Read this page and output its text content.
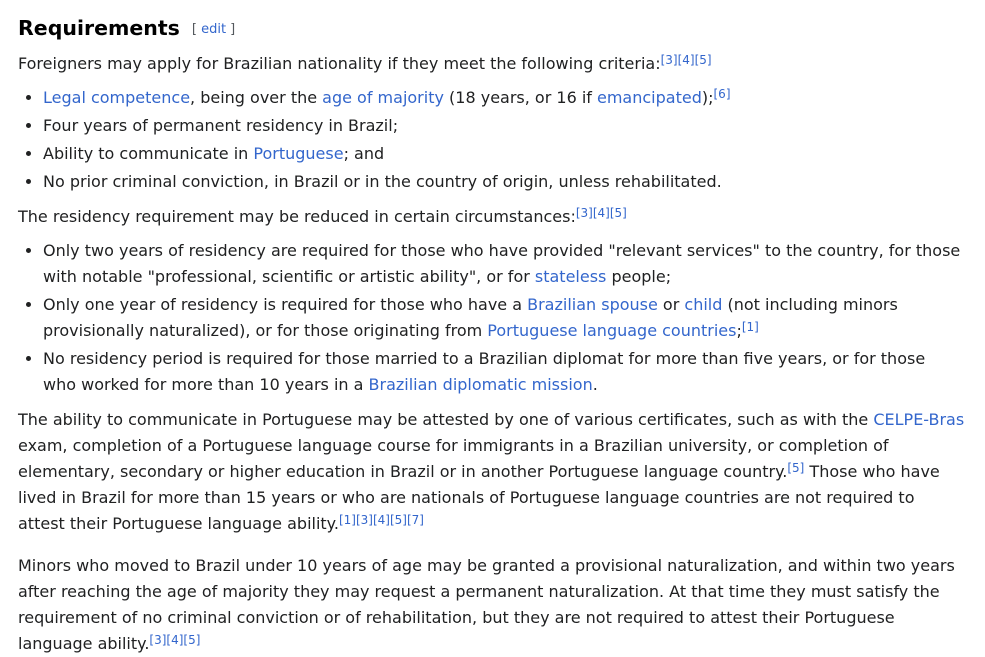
Requirements [ edit ]

Foreigners may apply for Brazilian nationality if they meet the following criteria:[3][4][5]

• Legal competence, being over the age of majority (18 years, or 16 if emancipated);[6]
• Four years of permanent residency in Brazil;
• Ability to communicate in Portuguese; and
• No prior criminal conviction, in Brazil or in the country of origin, unless rehabilitated.

The residency requirement may be reduced in certain circumstances:[3][4][5]

• Only two years of residency are required for those who have provided "relevant services" to the country, for those with notable "professional, scientific or artistic ability", or for stateless people;
• Only one year of residency is required for those who have a Brazilian spouse or child (not including minors provisionally naturalized), or for those originating from Portuguese language countries;[1]
• No residency period is required for those married to a Brazilian diplomat for more than five years, or for those who worked for more than 10 years in a Brazilian diplomatic mission.

The ability to communicate in Portuguese may be attested by one of various certificates, such as with the CELPE-Bras exam, completion of a Portuguese language course for immigrants in a Brazilian university, or completion of elementary, secondary or higher education in Brazil or in another Portuguese language country.[5] Those who have lived in Brazil for more than 15 years or who are nationals of Portuguese language countries are not required to attest their Portuguese language ability.[1][3][4][5][7]

Minors who moved to Brazil under 10 years of age may be granted a provisional naturalization, and within two years after reaching the age of majority they may request a permanent naturalization. At that time they must satisfy the requirement of no criminal conviction or of rehabilitation, but they are not required to attest their Portuguese language ability.[3][4][5]
